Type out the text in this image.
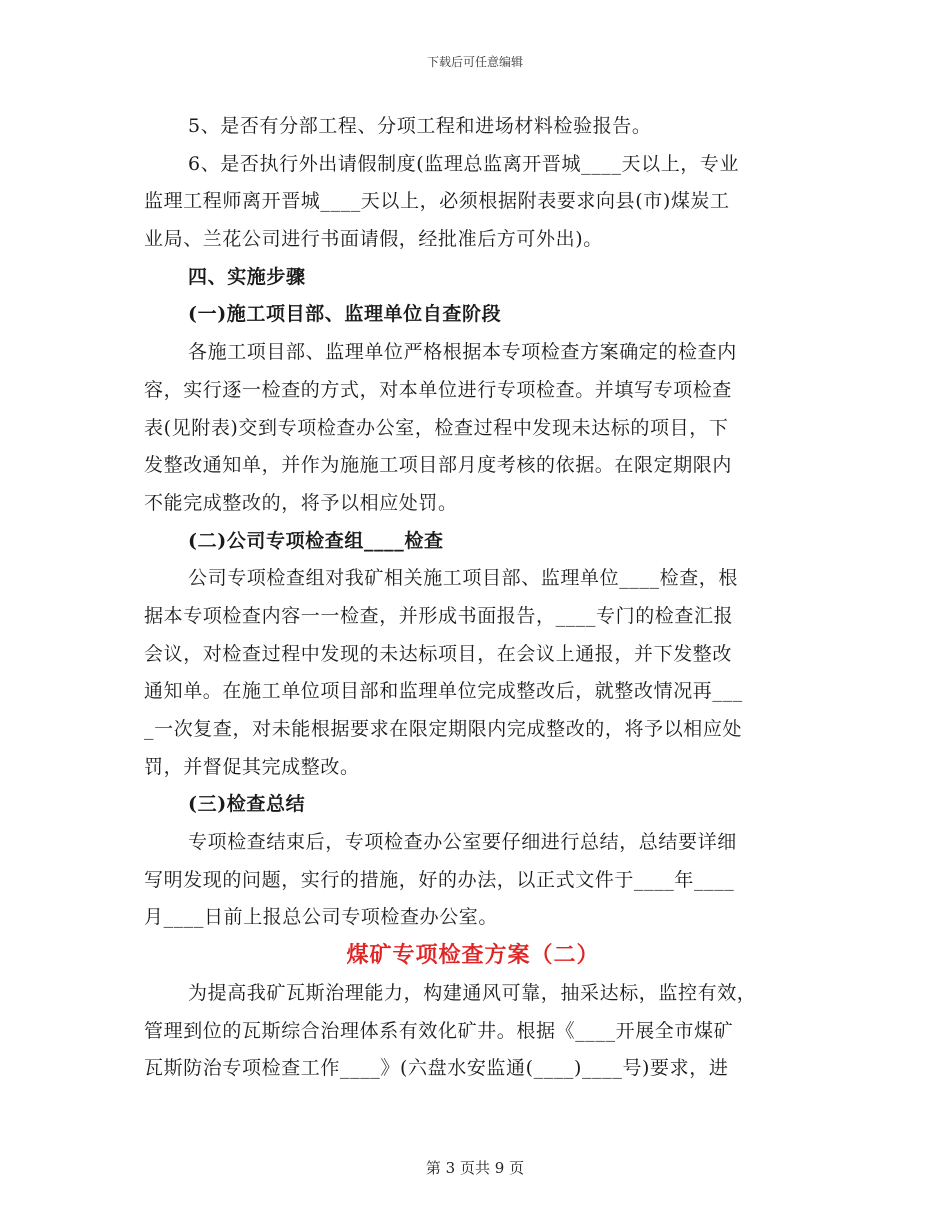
下载后可任意编辑
5、是否有分部工程、分项工程和进场材料检验报告。
6、是否执行外出请假制度(监理总监离开晋城____天以上，专业
监理工程师离开晋城____天以上，必须根据附表要求向县(市)煤炭工
业局、兰花公司进行书面请假，经批准后方可外出)。
四、实施步骤
(一)施工项目部、监理单位自查阶段
各施工项目部、监理单位严格根据本专项检查方案确定的检查内
容，实行逐一检查的方式，对本单位进行专项检查。并填写专项检查
表(见附表)交到专项检查办公室，检查过程中发现未达标的项目，下
发整改通知单，并作为施施工项目部月度考核的依据。在限定期限内
不能完成整改的，将予以相应处罚。
(二)公司专项检查组____检查
公司专项检查组对我矿相关施工项目部、监理单位____检查，根
据本专项检查内容一一检查，并形成书面报告，____专门的检查汇报
会议，对检查过程中发现的未达标项目，在会议上通报，并下发整改
通知单。在施工单位项目部和监理单位完成整改后，就整改情况再___
_一次复查，对未能根据要求在限定期限内完成整改的，将予以相应处
罚，并督促其完成整改。
(三)检查总结
专项检查结束后，专项检查办公室要仔细进行总结，总结要详细
写明发现的问题，实行的措施，好的办法，以正式文件于____年____
月____日前上报总公司专项检查办公室。
煤矿专项检查方案（二）
为提高我矿瓦斯治理能力，构建通风可靠，抽采达标，监控有效，
管理到位的瓦斯综合治理体系有效化矿井。根据《____开展全市煤矿
瓦斯防治专项检查工作____》(六盘水安监通(____)____号)要求，进
第 3 页共 9 页
